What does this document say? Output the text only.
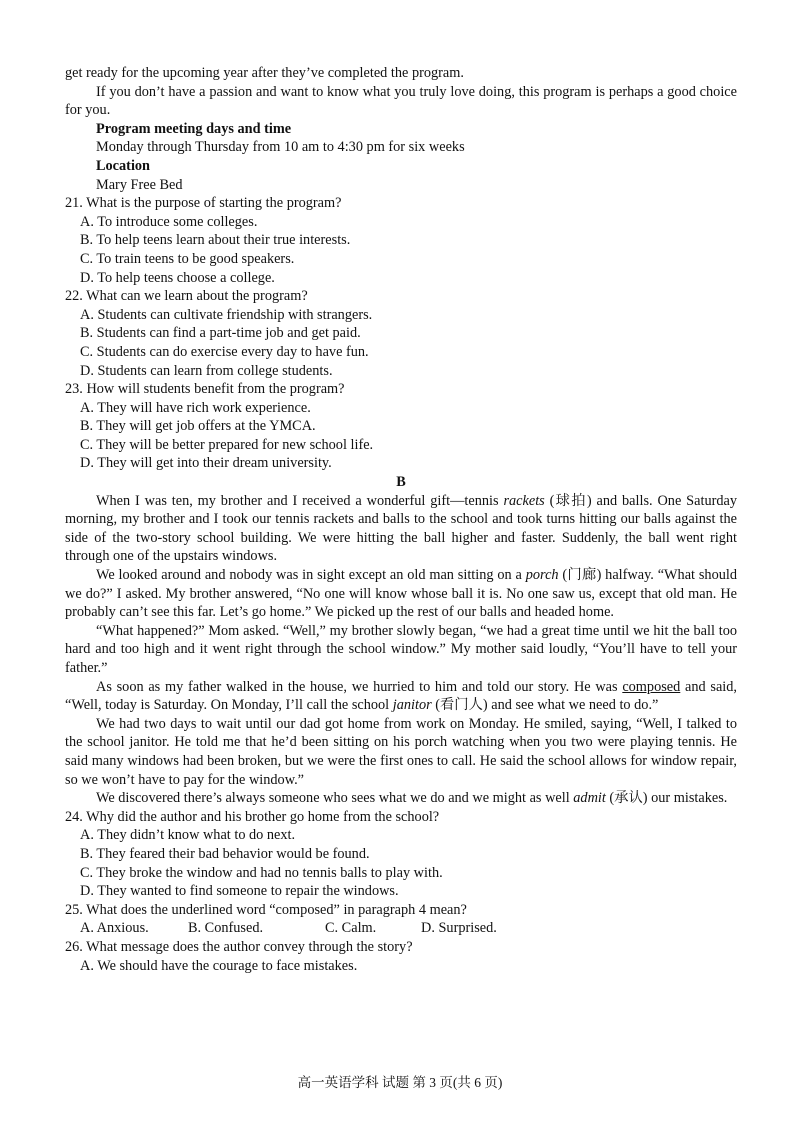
get ready for the upcoming year after they’ve completed the program.

If you don’t have a passion and want to know what you truly love doing, this program is perhaps a good choice for you.

Program meeting days and time

Monday through Thursday from 10 am to 4:30 pm for six weeks

Location

Mary Free Bed

21. What is the purpose of starting the program?

A. To introduce some colleges.

B. To help teens learn about their true interests.

C. To train teens to be good speakers.

D. To help teens choose a college.

22. What can we learn about the program?

A. Students can cultivate friendship with strangers.

B. Students can find a part-time job and get paid.

C. Students can do exercise every day to have fun.

D. Students can learn from college students.

23. How will students benefit from the program?

A. They will have rich work experience.

B. They will get job offers at the YMCA.

C. They will be better prepared for new school life.

D. They will get into their dream university.

B

When I was ten, my brother and I received a wonderful gift—tennis rackets (球拍) and balls. One Saturday morning, my brother and I took our tennis rackets and balls to the school and took turns hitting our balls against the side of the two-story school building. We were hitting the ball higher and faster. Suddenly, the ball went right through one of the upstairs windows.

We looked around and nobody was in sight except an old man sitting on a porch (门廊) halfway. “What should we do?” I asked. My brother answered, “No one will know whose ball it is. No one saw us, except that old man. He probably can’t see this far. Let’s go home.” We picked up the rest of our balls and headed home.

“What happened?” Mom asked. “Well,” my brother slowly began, “we had a great time until we hit the ball too hard and too high and it went right through the school window.” My mother said loudly, “You’ll have to tell your father.”

As soon as my father walked in the house, we hurried to him and told our story. He was composed and said, “Well, today is Saturday. On Monday, I’ll call the school janitor (看门人) and see what we need to do.”

We had two days to wait until our dad got home from work on Monday. He smiled, saying, “Well, I talked to the school janitor. He told me that he’d been sitting on his porch watching when you two were playing tennis. He said many windows had been broken, but we were the first ones to call. He said the school allows for window repair, so we won’t have to pay for the window.”

We discovered there’s always someone who sees what we do and we might as well admit (承认) our mistakes.

24. Why did the author and his brother go home from the school?

A. They didn’t know what to do next.

B. They feared their bad behavior would be found.

C. They broke the window and had no tennis balls to play with.

D. They wanted to find someone to repair the windows.

25. What does the underlined word “composed” in paragraph 4 mean?

A. Anxious.	B. Confused.	C. Calm.	D. Surprised.

26. What message does the author convey through the story?

A. We should have the courage to face mistakes.

高一英语学科 试题 第 3 页(共 6 页)
